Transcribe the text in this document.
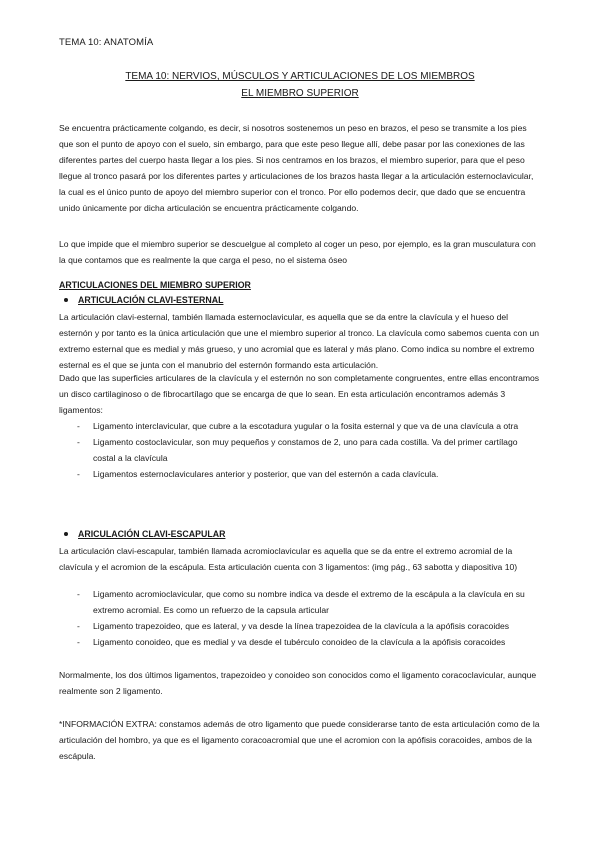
TEMA 10: ANATOMÍA
TEMA 10: NERVIOS, MÚSCULOS Y ARTICULACIONES DE LOS MIEMBROS
EL MIEMBRO SUPERIOR

Se encuentra prácticamente colgando, es decir, si nosotros sostenemos un peso en brazos, el peso se transmite a los pies que son el punto de apoyo con el suelo, sin embargo, para que este peso llegue allí, debe pasar por las conexiones de las diferentes partes del cuerpo hasta llegar a los pies. Si nos centramos en los brazos, el miembro superior, para que el peso llegue al tronco pasará por los diferentes partes y articulaciones de los brazos hasta llegar a la articulación esternoclavicular, la cual es el único punto de apoyo del miembro superior con el tronco. Por ello podemos decir, que dado que se encuentra unido únicamente por dicha articulación se encuentra prácticamente colgando.

Lo que impide que el miembro superior se descuelgue al completo al coger un peso, por ejemplo, es la gran musculatura con la que contamos que es realmente la que carga el peso, no el sistema óseo

ARTICULACIONES DEL MIEMBRO SUPERIOR
ARTICULACIÓN CLAVI-ESTERNAL

La articulación clavi-esternal, también llamada esternoclavicular, es aquella que se da entre la clavícula y el hueso del esternón y por tanto es la única articulación que une el miembro superior al tronco. La clavícula como sabemos cuenta con un extremo esternal que es medial y más grueso, y uno acromial que es lateral y más plano. Como indica su nombre el extremo esternal es el que se junta con el manubrio del esternón formando esta articulación.

Dado que las superficies articulares de la clavícula y el esternón no son completamente congruentes, entre ellas encontramos un disco cartilaginoso o de fibrocartílago que se encarga de que lo sean. En esta articulación encontramos además 3 ligamentos:

- Ligamento interclavicular, que cubre a la escotadura yugular o la fosita esternal y que va de una clavícula a otra
- Ligamento costoclavicular, son muy pequeños y constamos de 2, uno para cada costilla. Va del primer cartílago costal a la clavícula
- Ligamentos esternoclaviculares anterior y posterior, que van del esternón a cada clavícula.
ARICULACIÓN CLAVI-ESCAPULAR

La articulación clavi-escapular, también llamada acromioclavicular es aquella que se da entre el extremo acromial de la clavícula y el acromion de la escápula. Esta articulación cuenta con 3 ligamentos: (img pág., 63 sabotta y diapositiva 10)

- Ligamento acromioclavicular, que como su nombre indica va desde el extremo de la escápula a la clavícula en su extremo acromial. Es como un refuerzo de la capsula articular
- Ligamento trapezoideo, que es lateral, y va desde la línea trapezoidea de la clavícula a la apófisis coracoides
- Ligamento conoideo, que es medial y va desde el tubérculo conoideo de la clavícula a la apófisis coracoides

Normalmente, los dos últimos ligamentos, trapezoideo y conoideo son conocidos como el ligamento coracoclavicular, aunque realmente son 2 ligamento.

*INFORMACIÓN EXTRA: constamos además de otro ligamento que puede considerarse tanto de esta articulación como de la articulación del hombro, ya que es el ligamento coracoacromial que une el acromion con la apófisis coracoides, ambos de la escápula.
